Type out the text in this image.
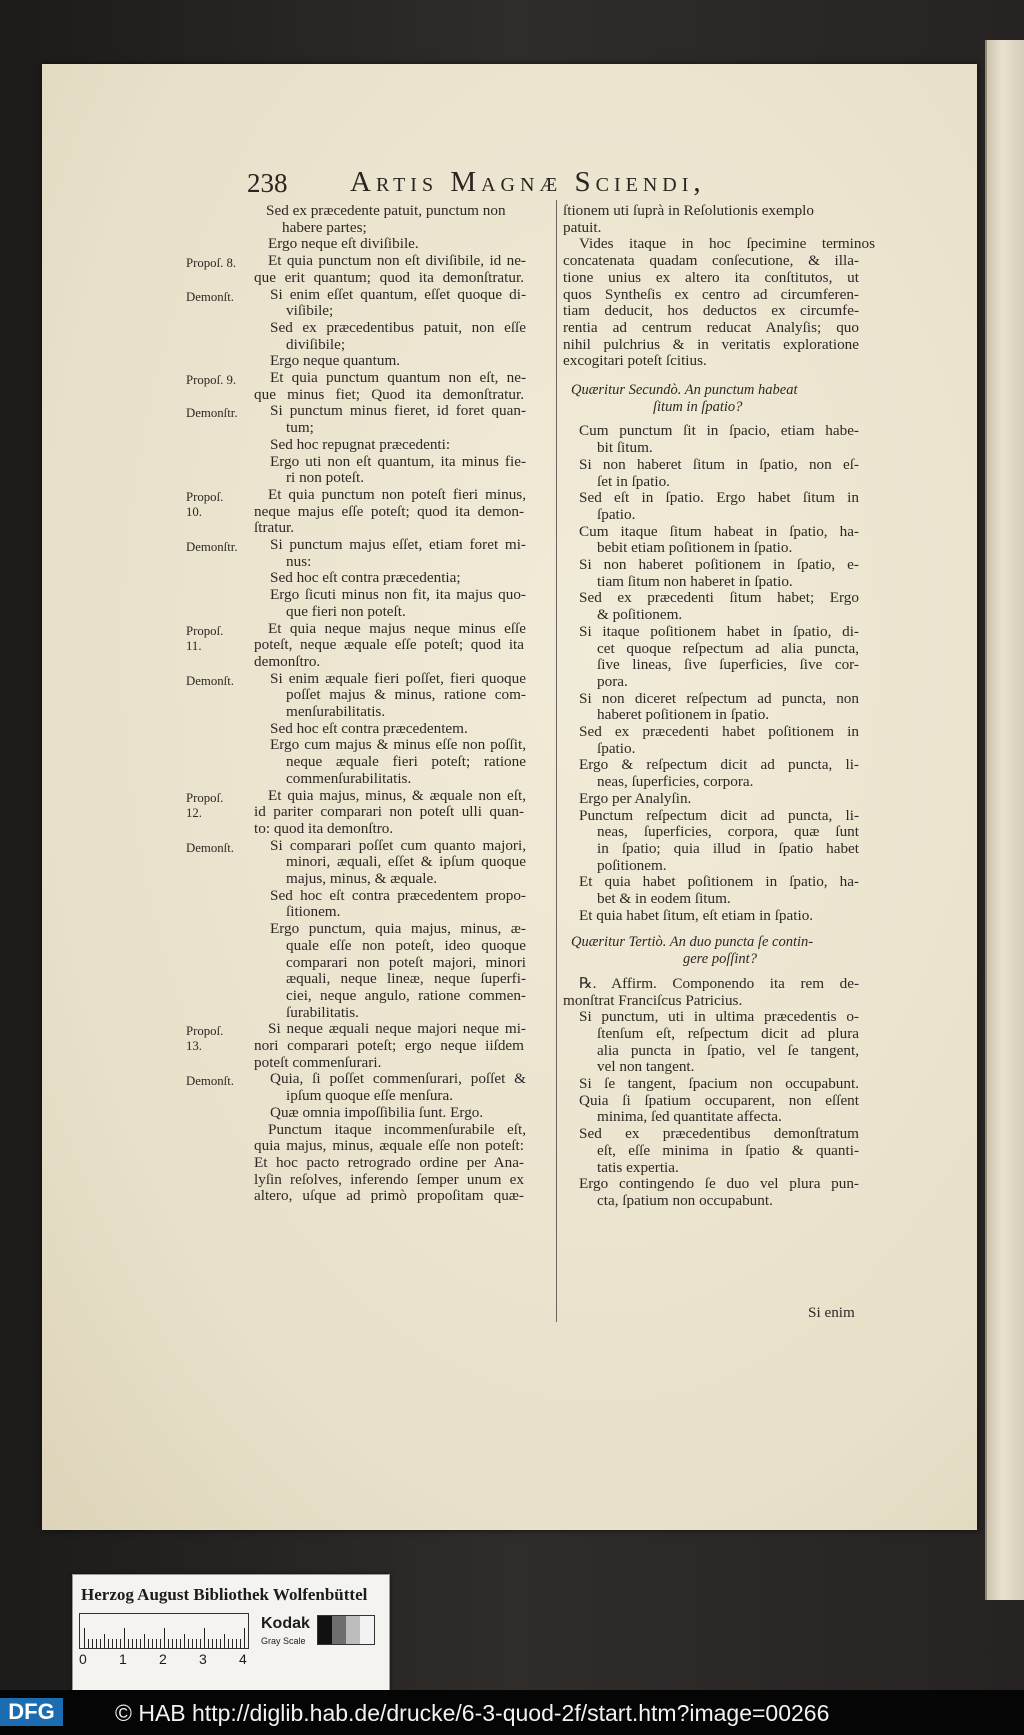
238 Artis Magnæ Sciendi,
Sed ex præcedente patuit, punctum non
habere partes;
Ergo neque eſt diviſibile.
Et quia punctum non eſt diviſibile, id ne-
que erit quantum; quod ita demonſtratur.
Si enim eſſet quantum, eſſet quoque di-
viſibile;
Sed ex præcedentibus patuit, non eſſe
diviſibile;
Ergo neque quantum.
Et quia punctum quantum non eſt, ne-
que minus fiet; Quod ita demonſtratur.
Si punctum minus fieret, id foret quan-
tum;
Sed hoc repugnat præcedenti:
Ergo uti non eſt quantum, ita minus fie-
ri non poteſt.
Et quia punctum non poteſt fieri minus,
neque majus eſſe poteſt; quod ita demon-
ſtratur.
Si punctum majus eſſet, etiam foret mi-
nus:
Sed hoc eſt contra præcedentia;
Ergo ſicuti minus non fit, ita majus quo-
que fieri non poteſt.
Et quia neque majus neque minus eſſe
poteſt, neque æquale eſſe poteſt; quod ita
demonſtro.
Si enim æquale fieri poſſet, fieri quoque
poſſet majus & minus, ratione com-
menſurabilitatis.
Sed hoc eſt contra præcedentem.
Ergo cum majus & minus eſſe non poſſit,
neque æquale fieri poteſt; ratione
commenſurabilitatis.
Et quia majus, minus, & æquale non eſt,
id pariter comparari non poteſt ulli quan-
to: quod ita demonſtro.
Si comparari poſſet cum quanto majori,
minori, æquali, eſſet & ipſum quoque
majus, minus, & æquale.
Sed hoc eſt contra præcedentem propo-
ſitionem.
Ergo punctum, quia majus, minus, æ-
quale eſſe non poteſt, ideo quoque
comparari non poteſt majori, minori
æquali, neque lineæ, neque ſuperfi-
ciei, neque angulo, ratione commen-
ſurabilitatis.
Si neque æquali neque majori neque mi-
nori comparari poteſt; ergo neque iiſdem
poteſt commenſurari.
Quia, ſi poſſet commenſurari, poſſet &
ipſum quoque eſſe menſura.
Quæ omnia impoſſibilia ſunt. Ergo.
Punctum itaque incommenſurabile eſt,
quia majus, minus, æquale eſſe non poteſt:
Et hoc pacto retrogrado ordine per Ana-
lyſin reſolves, inferendo ſemper unum ex
altero, uſque ad primò propoſitam quæ-
Propoſ. 8.
Demonſt.
Propoſ. 9.
Demonſtr.
Propoſ.
10.
Demonſtr.
Propoſ.
11.
Demonſt.
Propoſ.
12.
Demonſt.
Propoſ.
13.
Demonſt.
ſtionem uti ſuprà in Reſolutionis exemplo
patuit.
Vides itaque in hoc ſpecimine terminos
concatenata quadam conſecutione, & illa-
tione unius ex altero ita conſtitutos, ut
quos Syntheſis ex centro ad circumferen-
tiam deducit, hos deductos ex circumfe-
rentia ad centrum reducat Analyſis; quo
nihil pulchrius & in veritatis exploratione
excogitari poteſt ſcitius.
Quæritur Secundò. An punctum habeat
ſitum in ſpatio?
Cum punctum ſit in ſpacio, etiam habe-
bit ſitum.
Si non haberet ſitum in ſpatio, non eſ-
ſet in ſpatio.
Sed eſt in ſpatio. Ergo habet ſitum in
ſpatio.
Cum itaque ſitum habeat in ſpatio, ha-
bebit etiam poſitionem in ſpatio.
Si non haberet poſitionem in ſpatio, e-
tiam ſitum non haberet in ſpatio.
Sed ex præcedenti ſitum habet; Ergo
& poſitionem.
Si itaque poſitionem habet in ſpatio, di-
cet quoque reſpectum ad alia puncta,
ſive lineas, ſive ſuperficies, ſive cor-
pora.
Si non diceret reſpectum ad puncta, non
haberet poſitionem in ſpatio.
Sed ex præcedenti habet poſitionem in
ſpatio.
Ergo & reſpectum dicit ad puncta, li-
neas, ſuperficies, corpora.
Ergo per Analyſin.
Punctum reſpectum dicit ad puncta, li-
neas, ſuperficies, corpora, quæ ſunt
in ſpatio; quia illud in ſpatio habet
poſitionem.
Et quia habet poſitionem in ſpatio, ha-
bet & in eodem ſitum.
Et quia habet ſitum, eſt etiam in ſpatio.
Quæritur Tertiò. An duo puncta ſe contin-
gere poſſint?
℞. Affirm. Componendo ita rem de-
monſtrat Franciſcus Patricius.
Si punctum, uti in ultima præcedentis o-
ſtenſum eſt, reſpectum dicit ad plura
alia puncta in ſpatio, vel ſe tangent,
vel non tangent.
Si ſe tangent, ſpacium non occupabunt.
Quia ſi ſpatium occuparent, non eſſent
minima, ſed quantitate affecta.
Sed ex præcedentibus demonſtratum
eſt, eſſe minima in ſpatio & quanti-
tatis expertia.
Ergo contingendo ſe duo vel plura pun-
cta, ſpatium non occupabunt.
Si enim
Herzog August Bibliothek Wolfenbüttel
0 1 2 3 4
Kodak
Gray Scale
DFG	© HAB http://diglib.hab.de/drucke/6-3-quod-2f/start.htm?image=00266
